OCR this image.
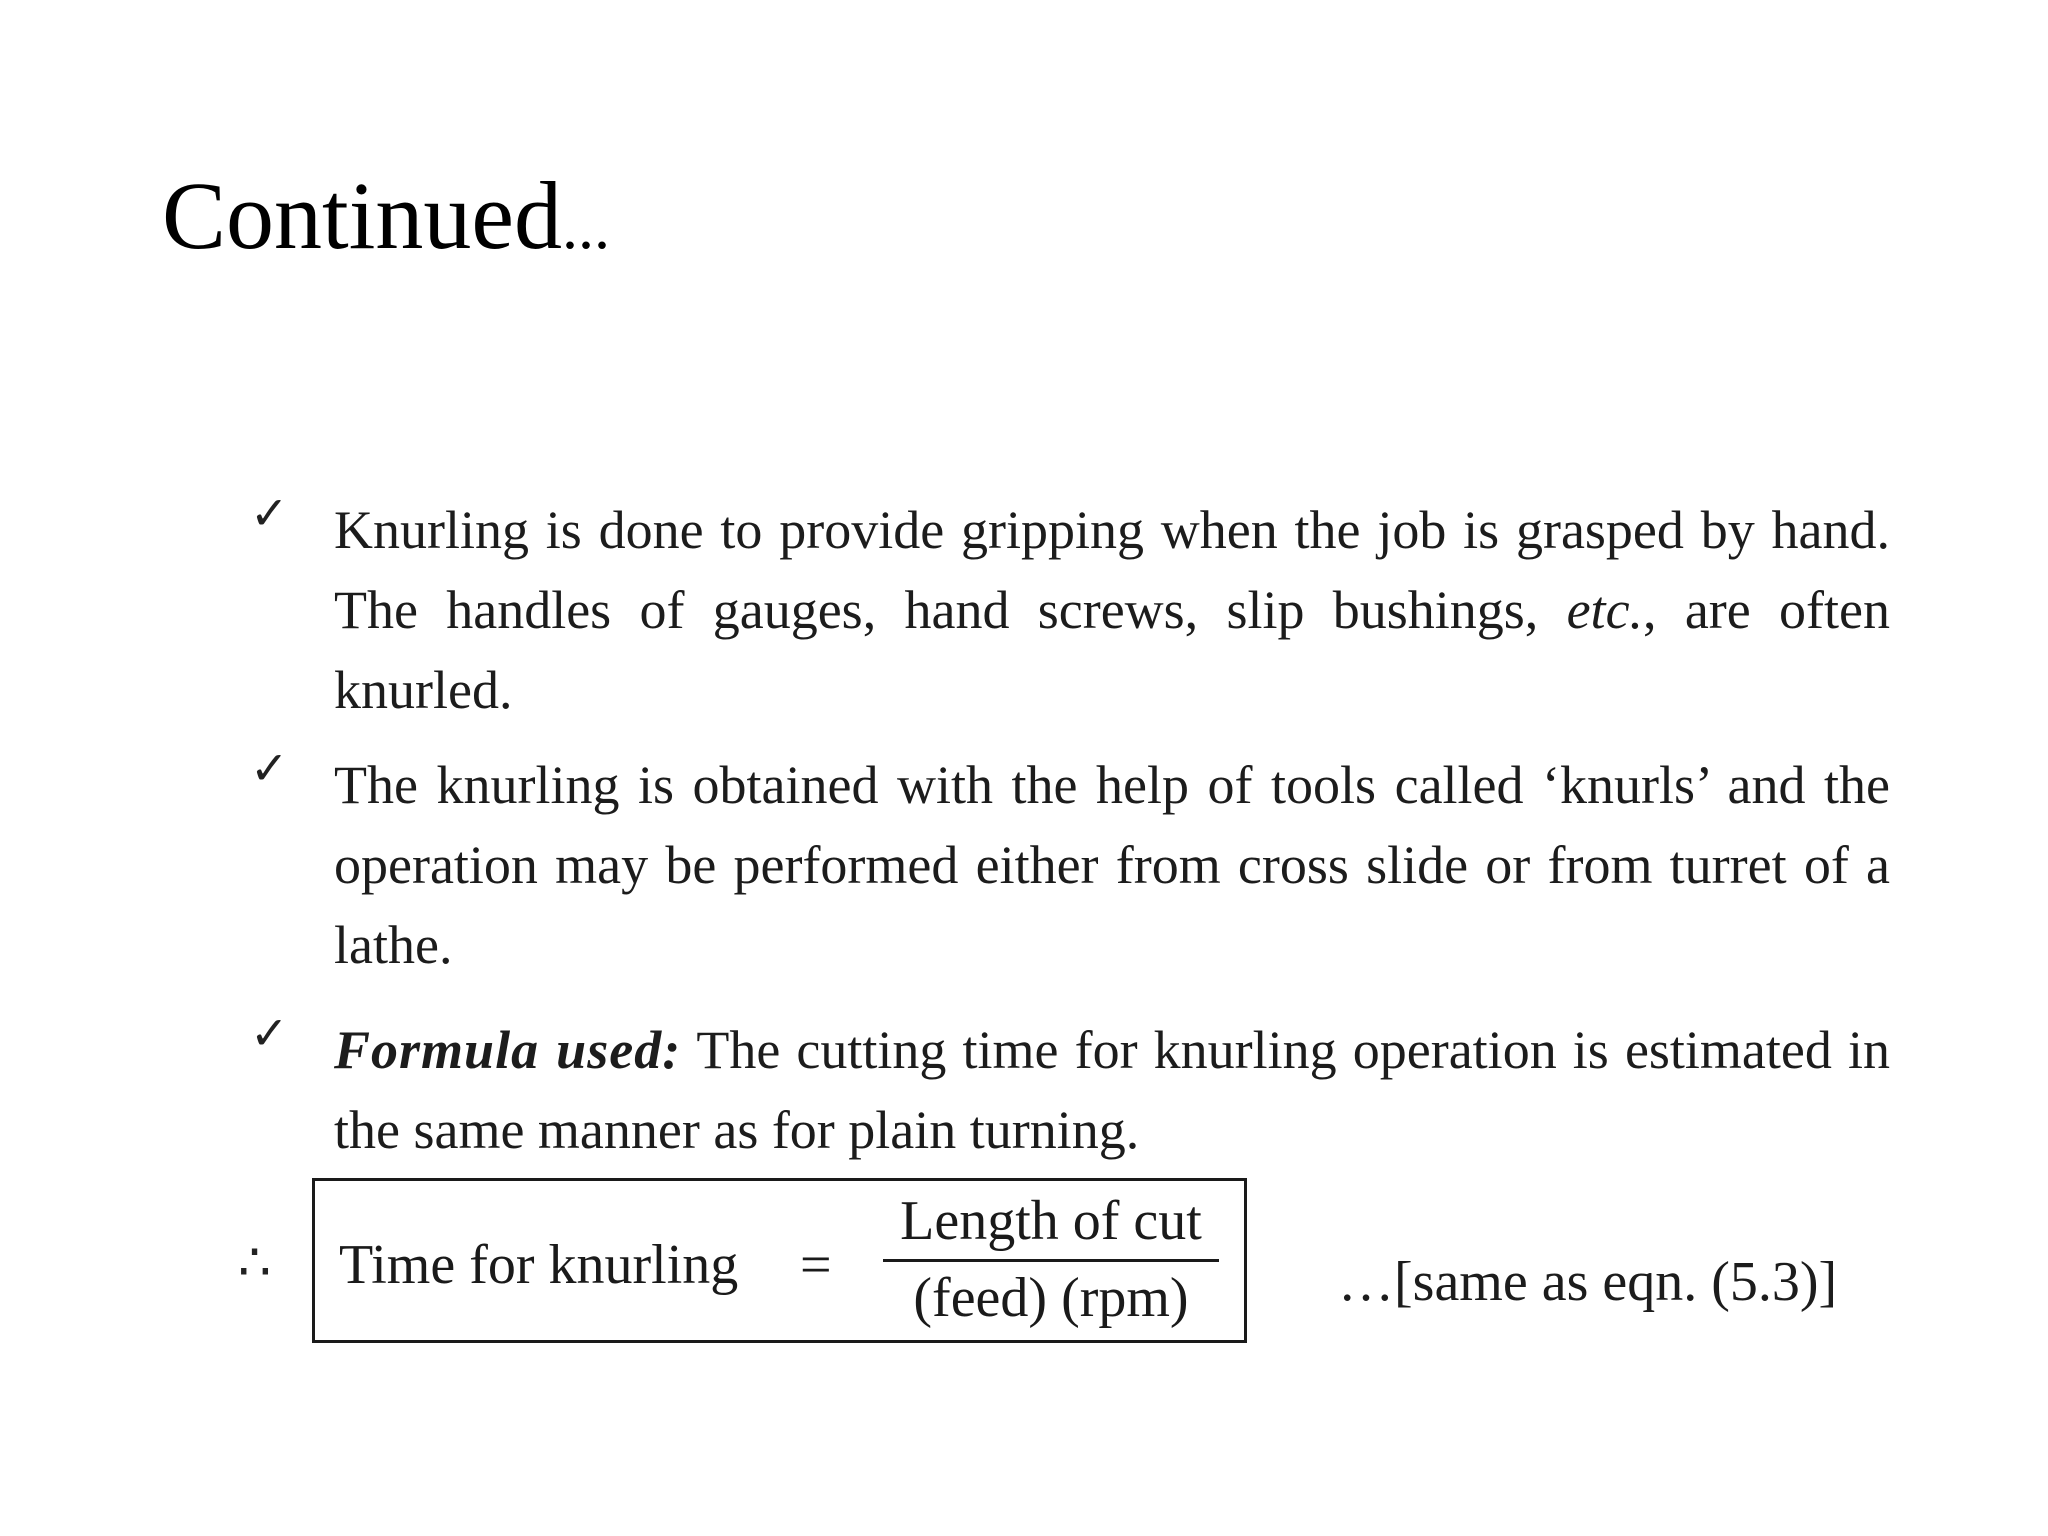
Continued...
✓ Knurling is done to provide gripping when the job is grasped by hand. The handles of gauges, hand screws, slip bushings, etc., are often knurled.

✓ The knurling is obtained with the help of tools called ‘knurls’ and the operation may be performed either from cross slide or from turret of a lathe.

✓ Formula used: The cutting time for knurling operation is estimated in the same manner as for plain turning.

∴ Time for knurling =
Length of cut
(feed) (rpm)	…[same as eqn. (5.3)]
